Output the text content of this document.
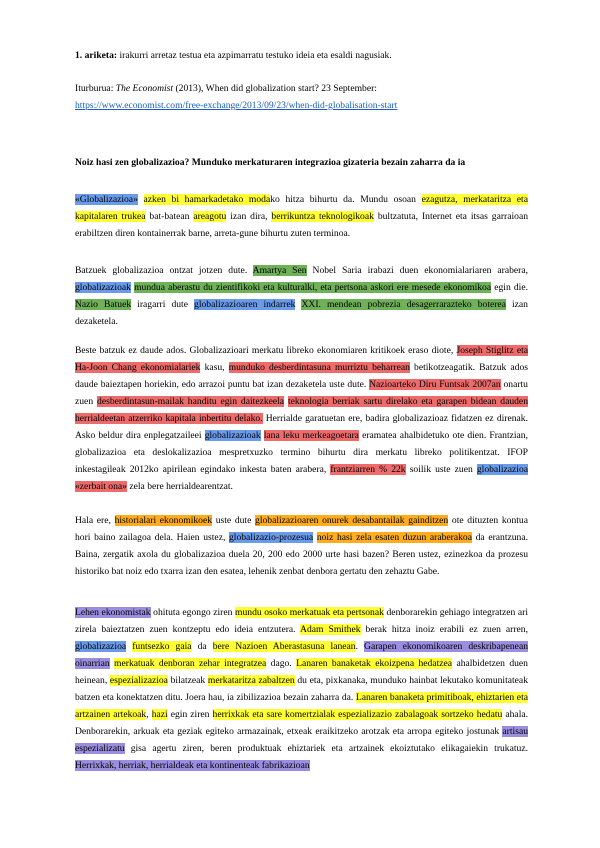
1. ariketa: irakurri arretaz testua eta azpimarratu testuko ideia eta esaldi nagusiak.
Iturburua: The Economist (2013), When did globalization start? 23 September:
https://www.economist.com/free-exchange/2013/09/23/when-did-globalisation-start
Noiz hasi zen globalizazioa? Munduko merkaturaren integrazioa gizateria bezain zaharra da ia
«Globalizazioa» azken bi hamarkadetako modako hitza bihurtu da. Mundu osoan ezagutza, merkataritza eta kapitalaren trukea bat-batean areagotu izan dira, berrikuntza teknologikoak bultzatuta, Internet eta itsas garraioan erabiltzen diren kontainerrak barne, arreta-gune bihurtu zuten terminoa.
Batzuek globalizazioa ontzat jotzen dute. Amartya Sen Nobel Saria irabazi duen ekonomialariaren arabera, globalizazioak mundua aberastu du zientifikoki eta kulturalki, eta pertsona askori ere mesede ekonomikoa egin die. Nazio Batuek iragarri dute globalizazioaren indarrek XXI. mendean pobrezia desagerrarazteko boterea izan dezaketela.
Beste batzuk ez daude ados. Globalizazioari merkatu libreko ekonomiaren kritikoek eraso diote, Joseph Stiglitz eta Ha-Joon Chang ekonomialariek kasu, munduko desberdintasuna murriztu beharrean betikotzeagatik. Batzuk ados daude baieztapen horiekin, edo arrazoi puntu bat izan dezaketela uste dute. Nazioarteko Diru Funtsak 2007an onartu zuen desberdintasun-mailak handitu egin daitezkeela teknologia berriak sartu direlako eta garapen bidean dauden herrialdeetan atzerriko kapitala inbertitu delako. Herrialde garatuetan ere, badira globalizazioaz fidatzen ez direnak. Asko beldur dira enplegatzaileei globalizazioak lana leku merkeagoetara eramatea ahalbidetuko ote dien. Frantzian, globalizazioa eta deslokalizazioa mespretxuzko termino bihurtu dira merkatu libreko politikentzat. IFOP inkestagileak 2012ko apirilean egindako inkesta baten arabera, frantziarren % 22k soilik uste zuen globalizazioa «zerbait ona» zela bere herrialdearentzat.
Hala ere, historialari ekonomikoek uste dute globalizazioaren onurek desabantailak gainditzen ote dituzten kontua hori baino zailagoa dela. Haien ustez, globalizazio-prozesua noiz hasi zela esaten duzun araberakoa da erantzuna. Baina, zergatik axola du globalizazioa duela 20, 200 edo 2000 urte hasi bazen? Beren ustez, ezinezkoa da prozesu historiko bat noiz edo txarra izan den esatea, lehenik zenbat denbora gertatu den zehaztu Gabe.
Lehen ekonomistak ohituta egongo ziren mundu osoko merkatuak eta pertsonak denborarekin gehiago integratzen ari zirela baieztatzen zuen kontzeptu edo ideia entzutera. Adam Smithek berak hitza inoiz erabili ez zuen arren, globalizazioa funtsezko gaia da bere Nazioen Aberastasuna lanean. Garapen ekonomikoaren deskribapenean oinarrian merkatuak denboran zehar integratzea dago. Lanaren banaketak ekoizpena hedatzea ahalbidetzen duen heinean, espezializazioa bilatzeak merkataritza zabaltzen du eta, pixkanaka, munduko hainbat lekutako komunitateak batzen eta konektatzen ditu. Joera hau, ia zibilizazioa bezain zaharra da. Lanaren banaketa primitiboak, ehiztarien eta artzainen artekoak, hazi egin ziren herrixkak eta sare komertzialak espezializazio zabalagoak sortzeko hedatu ahala. Denborarekin, arkuak eta geziak egiteko armazainak, etxeak eraikitzeko arotzak eta arropa egiteko jostunak artisau espezializatu gisa agertu ziren, beren produktuak ehiztariek eta artzainek ekoiztutako elikagaiekin trukatuz. Herrixkak, herriak, herrialdeak eta kontinenteak fabrikazioan
